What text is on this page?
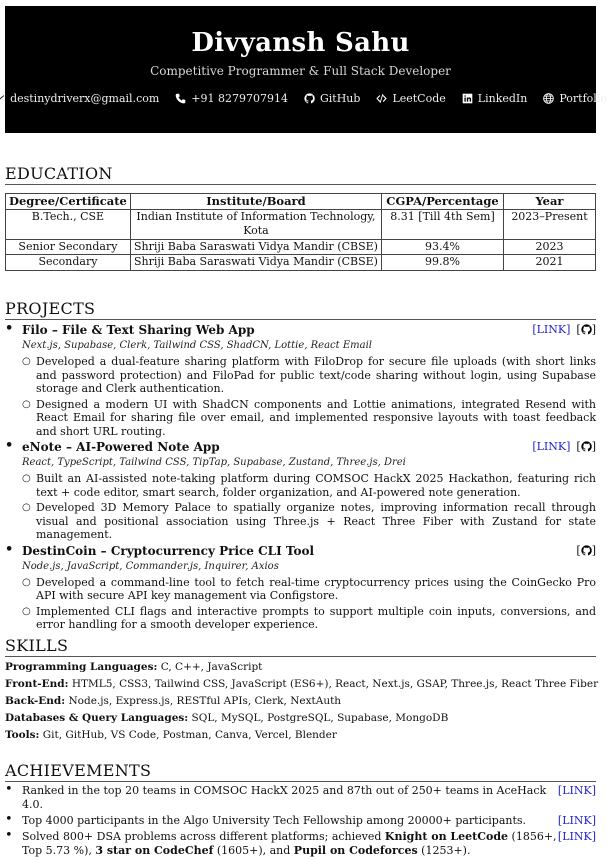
Divyansh Sahu
Competitive Programmer & Full Stack Developer
destinydriverx@gmail.com	+91 8279707914	GitHub	LeetCode	LinkedIn	Portfolio
EDUCATION
Degree/Certificate	Institute/Board	CGPA/Percentage	Year
B.Tech., CSE	Indian Institute of Information Technology, Kota	8.31 [Till 4th Sem]	2023–Present
Senior Secondary	Shriji Baba Saraswati Vidya Mandir (CBSE)	93.4%	2023
Secondary	Shriji Baba Saraswati Vidya Mandir (CBSE)	99.8%	2021
PROJECTS
• Filo – File & Text Sharing Web App	[LINK] [ ]
Next.js, Supabase, Clerk, Tailwind CSS, ShadCN, Lottie, React Email
○ Developed a dual-feature sharing platform with FiloDrop for secure file uploads (with short links and password protection) and FiloPad for public text/code sharing without login, using Supabase storage and Clerk authentication.
○ Designed a modern UI with ShadCN components and Lottie animations, integrated Resend with React Email for sharing file over email, and implemented responsive layouts with toast feedback and short URL routing.
• eNote – AI-Powered Note App	[LINK] [ ]
React, TypeScript, Tailwind CSS, TipTap, Supabase, Zustand, Three.js, Drei
○ Built an AI-assisted note-taking platform during COMSOC HackX 2025 Hackathon, featuring rich text + code editor, smart search, folder organization, and AI-powered note generation.
○ Developed 3D Memory Palace to spatially organize notes, improving information recall through visual and positional association using Three.js + React Three Fiber with Zustand for state management.
• DestinCoin – Cryptocurrency Price CLI Tool	[ ]
Node.js, JavaScript, Commander.js, Inquirer, Axios
○ Developed a command-line tool to fetch real-time cryptocurrency prices using the CoinGecko Pro API with secure API key management via Configstore.
○ Implemented CLI flags and interactive prompts to support multiple coin inputs, conversions, and error handling for a smooth developer experience.
SKILLS
Programming Languages: C, C++, JavaScript
Front-End: HTML5, CSS3, Tailwind CSS, JavaScript (ES6+), React, Next.js, GSAP, Three.js, React Three Fiber
Back-End: Node.js, Express.js, RESTful APIs, Clerk, NextAuth
Databases & Query Languages: SQL, MySQL, PostgreSQL, Supabase, MongoDB
Tools: Git, GitHub, VS Code, Postman, Canva, Vercel, Blender
ACHIEVEMENTS
• Ranked in the top 20 teams in COMSOC HackX 2025 and 87th out of 250+ teams in AceHack 4.0.
[LINK]
• Top 4000 participants in the Algo University Tech Fellowship among 20000+ participants.	[LINK]
• Solved 800+ DSA problems across different platforms; achieved Knight on LeetCode (1856+, Top 5.73 %), 3 star on CodeChef (1605+), and Pupil on Codeforces (1253+).
[LINK]
